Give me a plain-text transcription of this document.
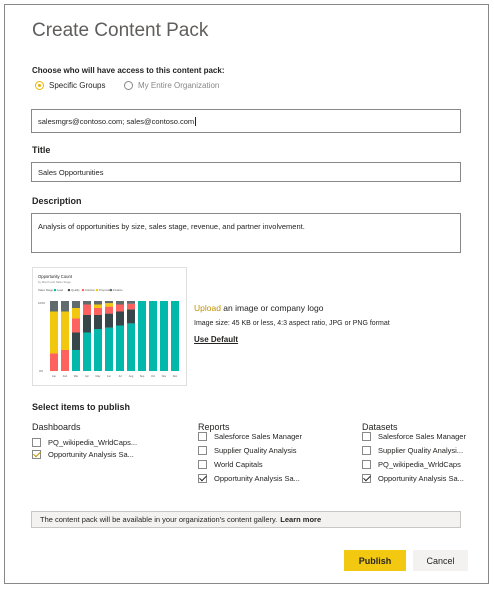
Create Content Pack
Choose who will have access to this content pack:
Specific Groups	My Entire Organization
salesmgrs@contoso.com; sales@contoso.com
Title
Sales Opportunities
Description
Analysis of opportunities by size, sales stage, revenue, and partner involvement.
Opportunity Count
by Month and Sales Stage
Sales Stage Lead	Qualify Solution Proposal Finalize
100%
0%
Jan	Feb	Mar	Apr	May Jun	Jul	Aug Sep	Oct	Nov Dec
Upload an image or company logo
Image size: 45 KB or less, 4:3 aspect ratio, JPG or PNG format
Use Default
Select items to publish
Dashboards
PQ_wikipedia_WrldCaps...
Opportunity Analysis Sa...
Reports
Salesforce Sales Manager
Supplier Quality Analysis
World Capitals
Opportunity Analysis Sa...
Datasets
Salesforce Sales Manager
Supplier Quality Analysi...
PQ_wikipedia_WrldCaps
Opportunity Analysis Sa...
The content pack will be available in your organization's content gallery. Learn more
Publish	Cancel
